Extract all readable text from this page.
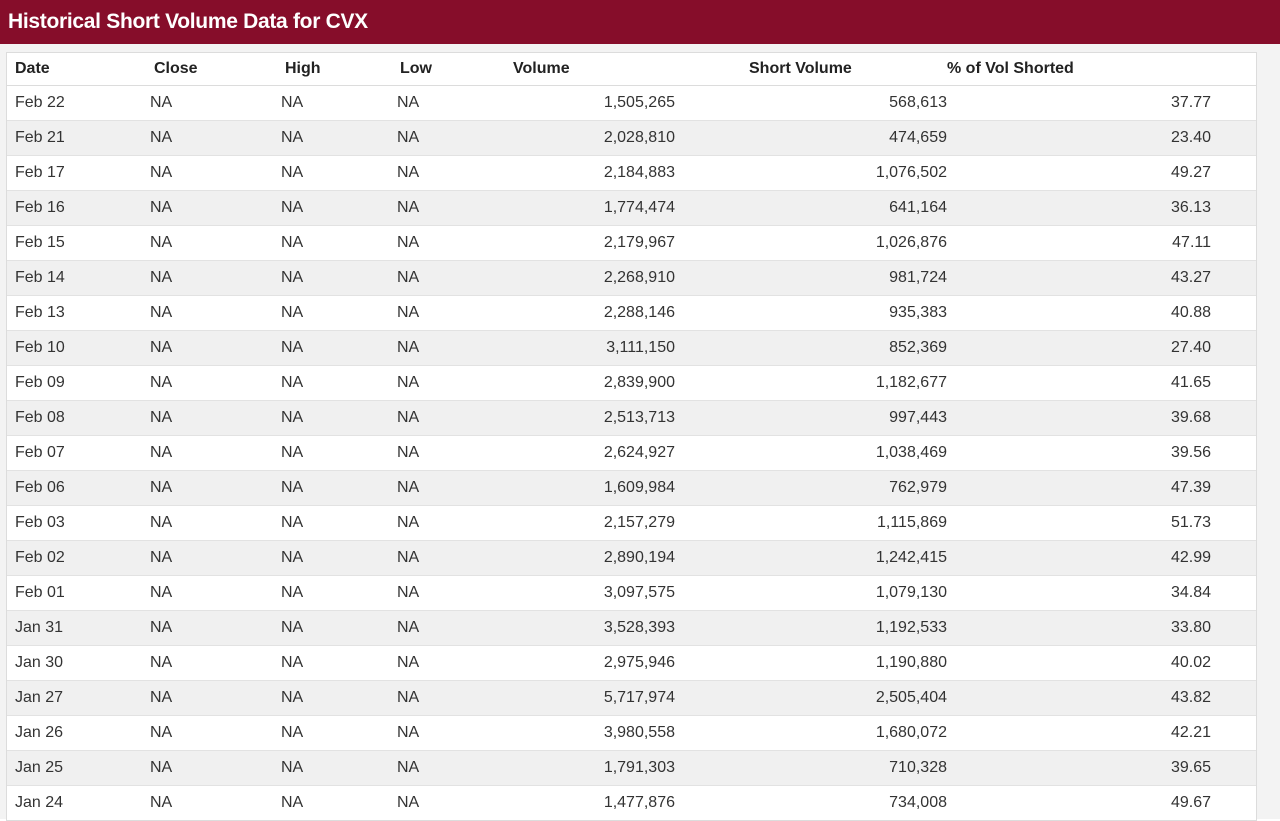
Historical Short Volume Data for CVX
Date	Close	High	Low	Volume	Short Volume	% of Vol Shorted	
Feb 22	NA	NA	NA	1,505,265	568,613	37.77	
Feb 21	NA	NA	NA	2,028,810	474,659	23.40	
Feb 17	NA	NA	NA	2,184,883	1,076,502	49.27	
Feb 16	NA	NA	NA	1,774,474	641,164	36.13	
Feb 15	NA	NA	NA	2,179,967	1,026,876	47.11	
Feb 14	NA	NA	NA	2,268,910	981,724	43.27	
Feb 13	NA	NA	NA	2,288,146	935,383	40.88	
Feb 10	NA	NA	NA	3,111,150	852,369	27.40	
Feb 09	NA	NA	NA	2,839,900	1,182,677	41.65	
Feb 08	NA	NA	NA	2,513,713	997,443	39.68	
Feb 07	NA	NA	NA	2,624,927	1,038,469	39.56	
Feb 06	NA	NA	NA	1,609,984	762,979	47.39	
Feb 03	NA	NA	NA	2,157,279	1,115,869	51.73	
Feb 02	NA	NA	NA	2,890,194	1,242,415	42.99	
Feb 01	NA	NA	NA	3,097,575	1,079,130	34.84	
Jan 31	NA	NA	NA	3,528,393	1,192,533	33.80	
Jan 30	NA	NA	NA	2,975,946	1,190,880	40.02	
Jan 27	NA	NA	NA	5,717,974	2,505,404	43.82	
Jan 26	NA	NA	NA	3,980,558	1,680,072	42.21	
Jan 25	NA	NA	NA	1,791,303	710,328	39.65	
Jan 24	NA	NA	NA	1,477,876	734,008	49.67	
